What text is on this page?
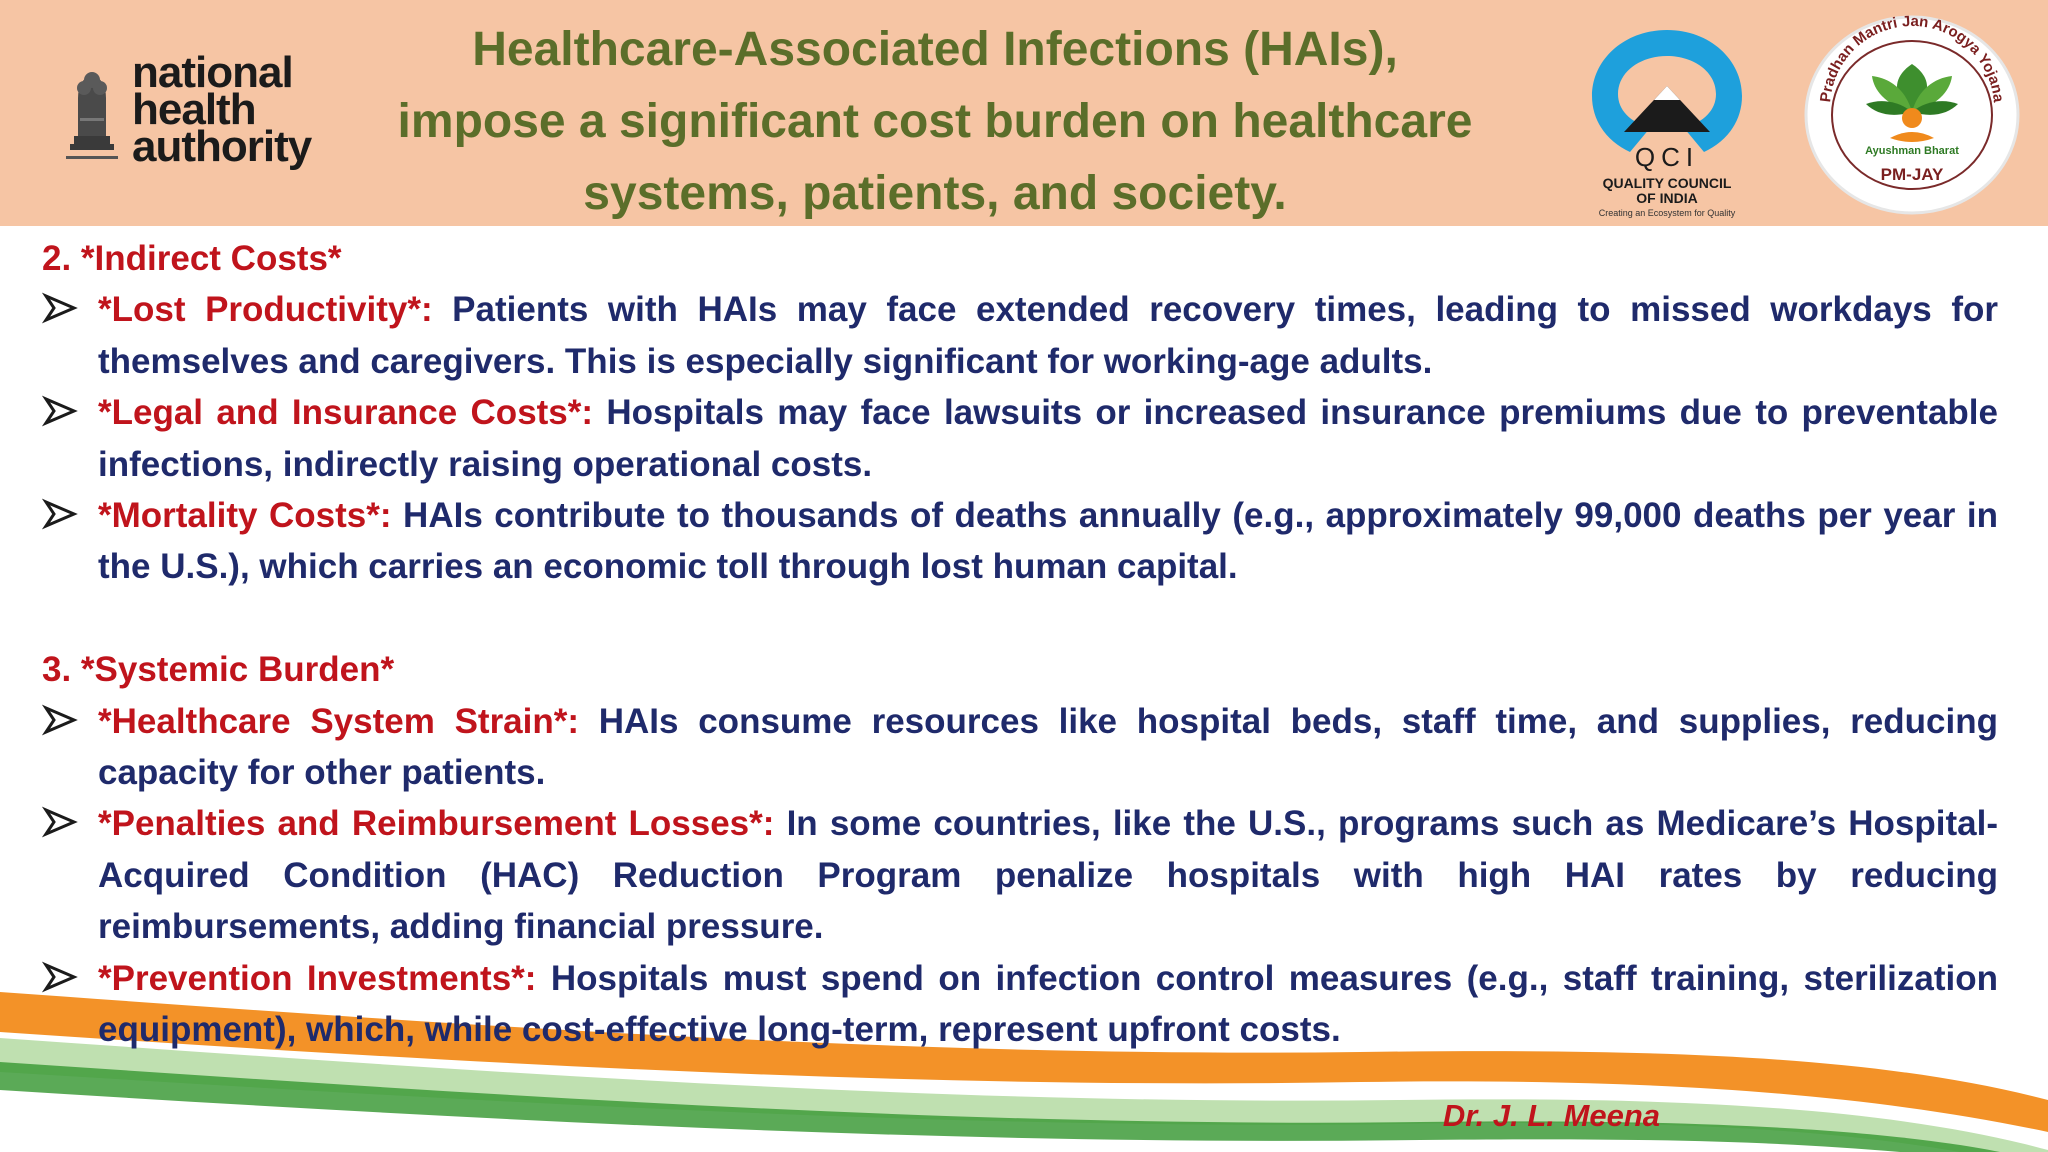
national
health
authority
Healthcare-Associated Infections (HAIs),
impose a significant cost burden on healthcare
systems, patients, and society.
QCI
QUALITY COUNCIL
OF INDIA
Creating an Ecosystem for Quality
Pradhan Mantri Jan Arogya Yojana
Ayushman Bharat
PM-JAY
2. *Indirect Costs*
*Lost Productivity*: Patients with HAIs may face extended recovery times, leading to missed workdays for themselves and caregivers. This is especially significant for working-age adults.
*Legal and Insurance Costs*: Hospitals may face lawsuits or increased insurance premiums due to preventable infections, indirectly raising operational costs.
*Mortality Costs*: HAIs contribute to thousands of deaths annually (e.g., approximately 99,000 deaths per year in the U.S.), which carries an economic toll through lost human capital.
3. *Systemic Burden*
*Healthcare System Strain*: HAIs consume resources like hospital beds, staff time, and supplies, reducing capacity for other patients.
*Penalties and Reimbursement Losses*: In some countries, like the U.S., programs such as Medicare’s Hospital-Acquired Condition (HAC) Reduction Program penalize hospitals with high HAI rates by reducing reimbursements, adding financial pressure.
*Prevention Investments*: Hospitals must spend on infection control measures (e.g., staff training, sterilization equipment), which, while cost-effective long-term, represent upfront costs.
Dr. J. L. Meena
